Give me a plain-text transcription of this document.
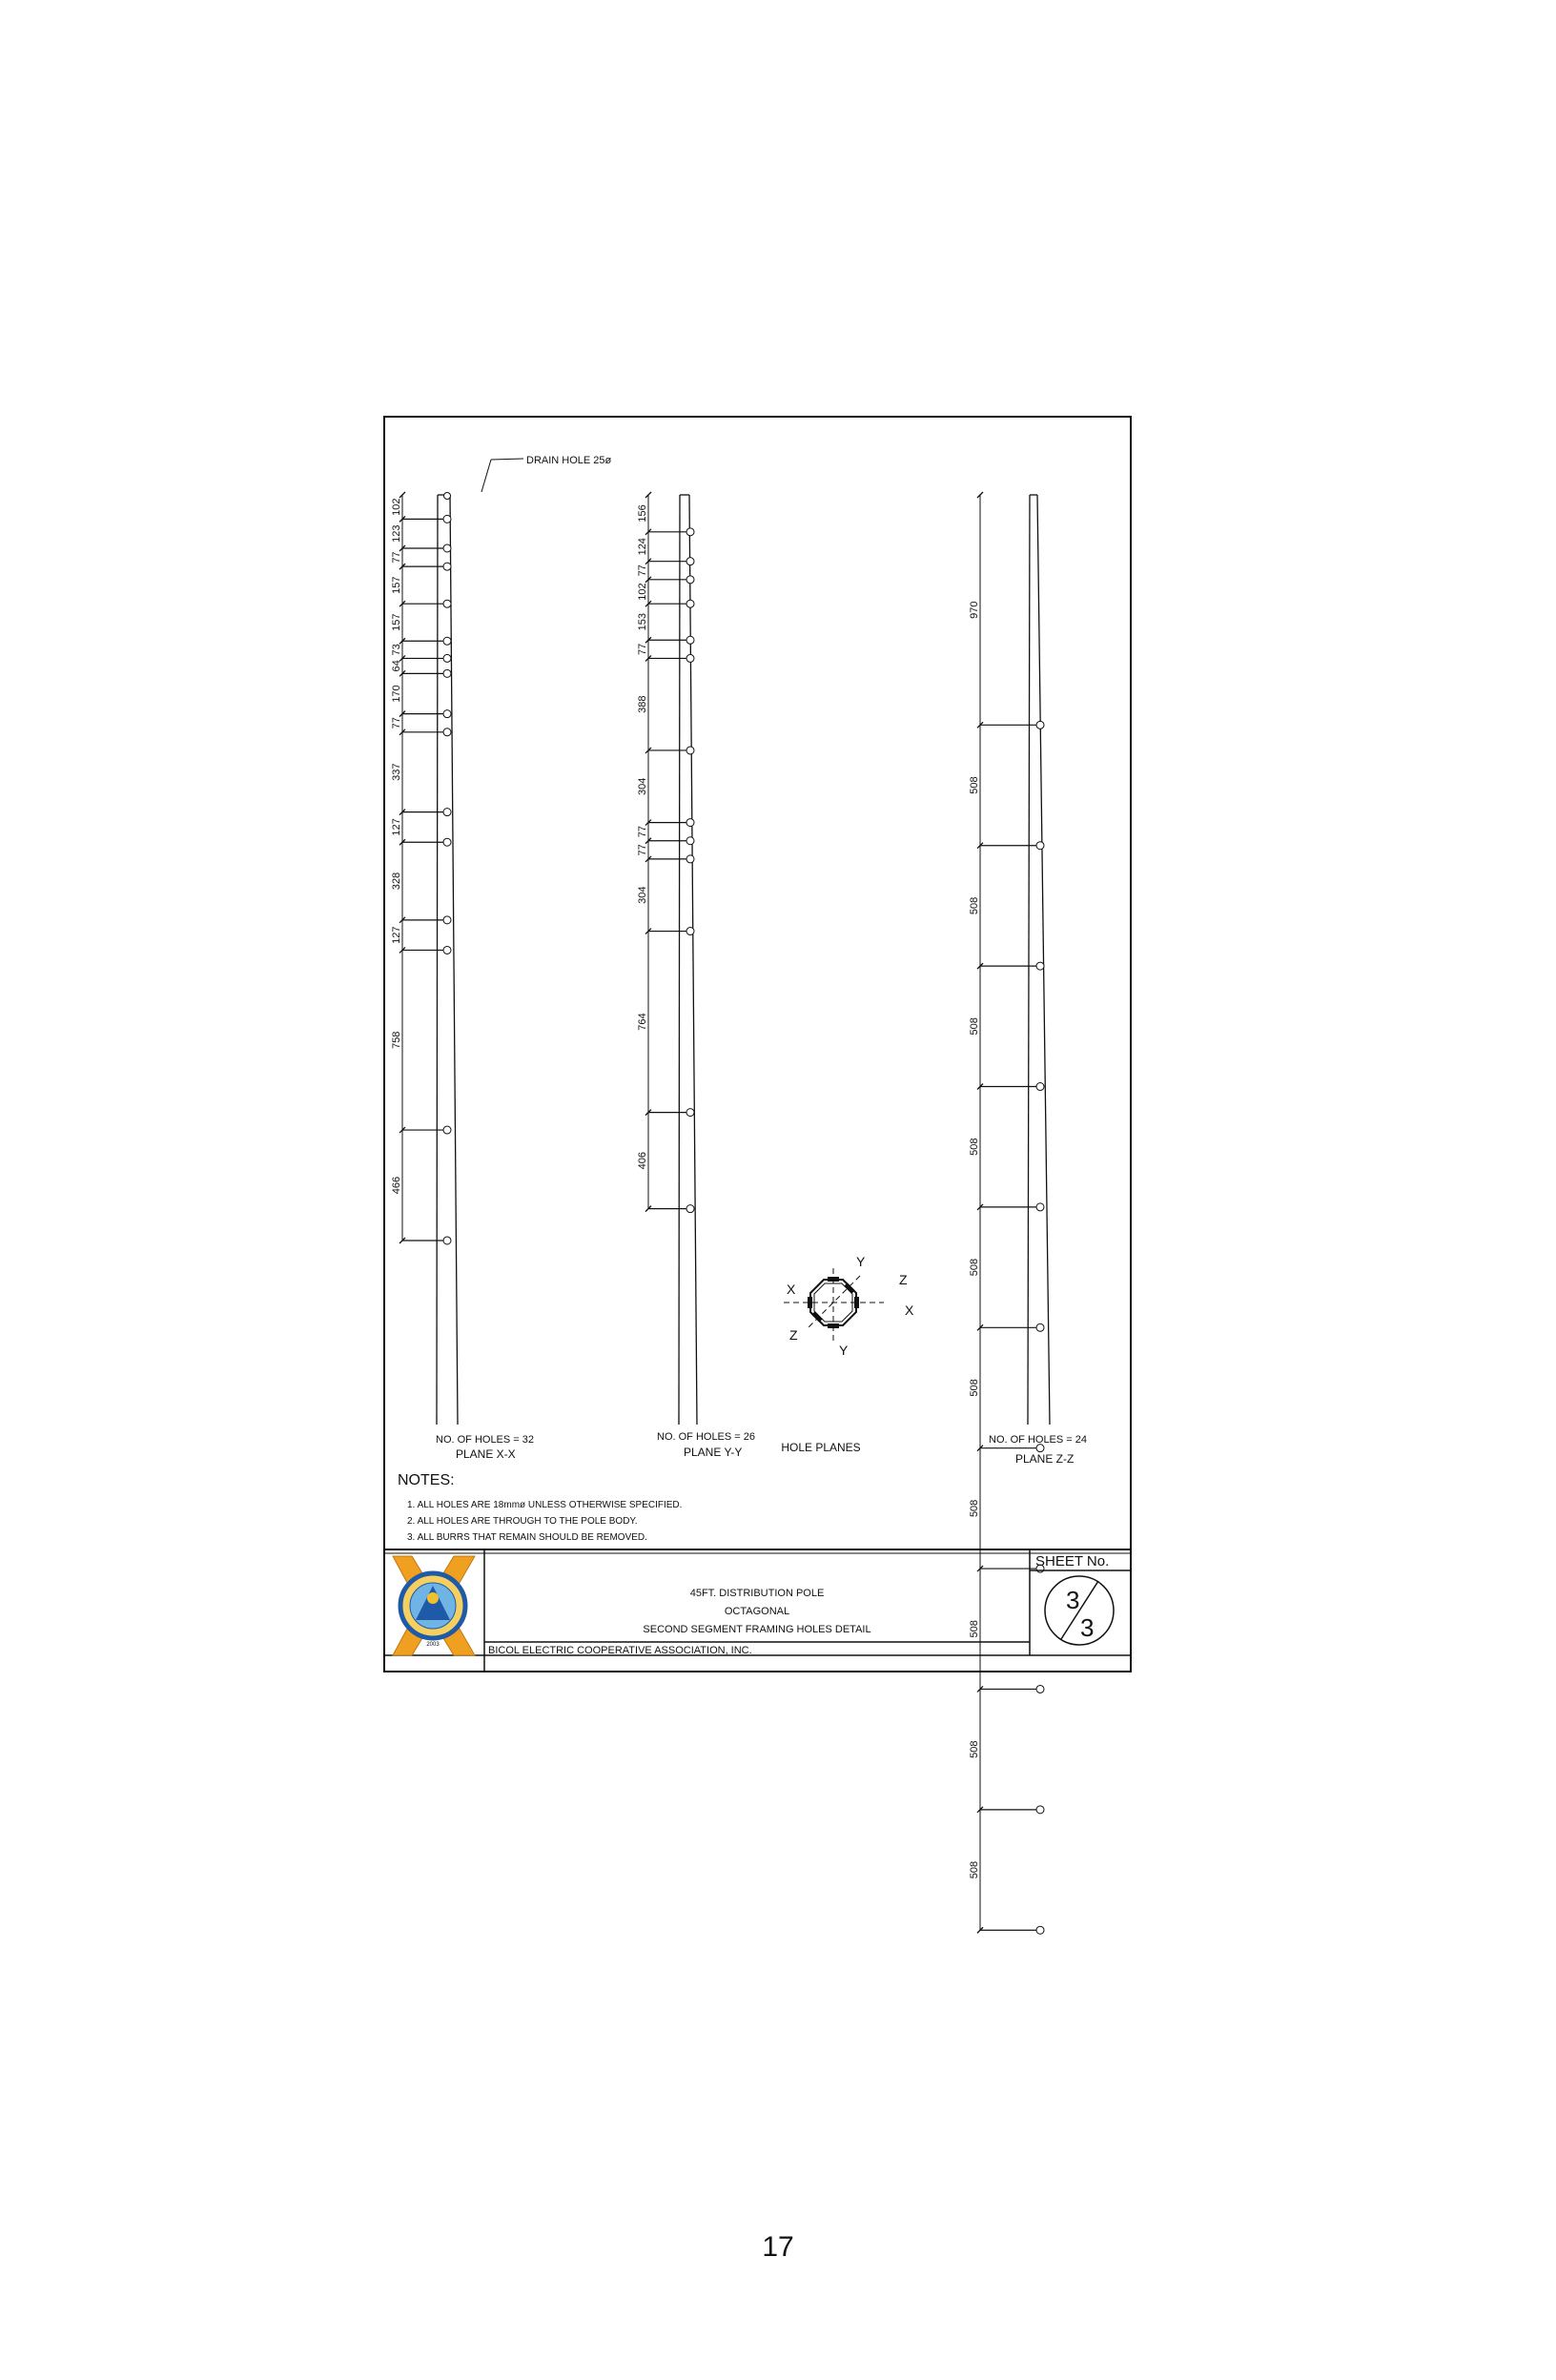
DRAIN HOLE 25ø
102
123
77
157
157
73
64
170
77
337
127
328
127
758
466
156
124
77
102
153
77
388
304
77
77
304
764
406
970
508
508
508
508
508
508
508
508
508
508
NO. OF HOLES = 32
PLANE X-X
NO. OF HOLES = 26
PLANE Y-Y
NO. OF HOLES = 24
PLANE Z-Z
Y
Y
X
X
Z
Z
HOLE PLANES
NOTES:
1. ALL HOLES ARE 18mmø UNLESS OTHERWISE SPECIFIED.
2. ALL HOLES ARE THROUGH TO THE POLE BODY.
3. ALL BURRS THAT REMAIN SHOULD BE REMOVED.
SHEET No.
45FT. DISTRIBUTION POLE
OCTAGONAL
SECOND SEGMENT FRAMING HOLES DETAIL
BICOL ELECTRIC COOPERATIVE ASSOCIATION, INC.
3
3
2003
17
